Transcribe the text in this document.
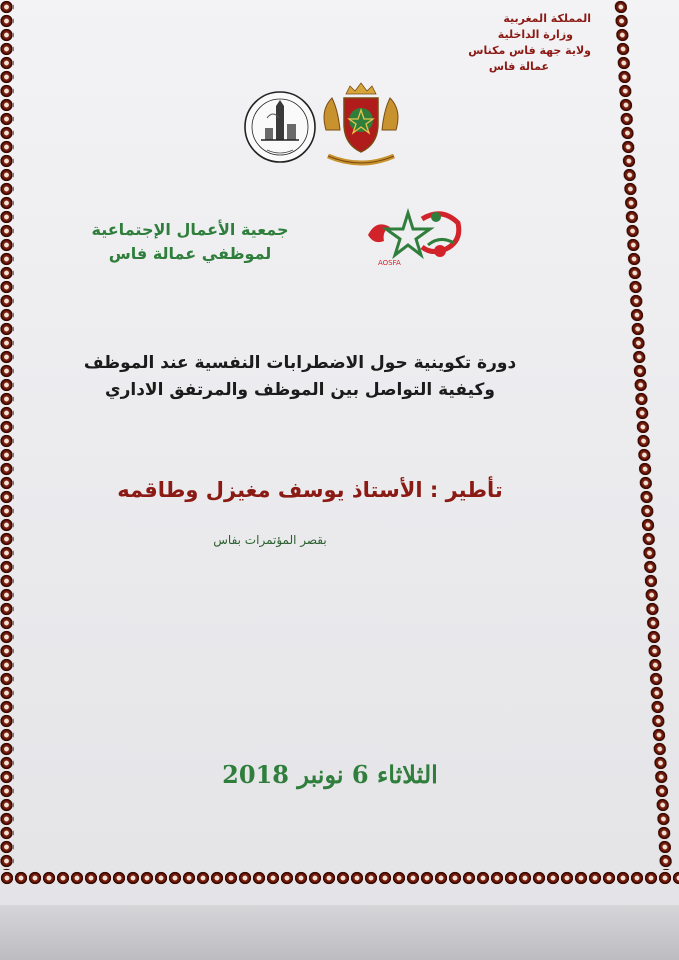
المملكة المغربية
وزارة الداخلية
ولاية جهة فاس مكناس
عمالة فاس
AOSFA
جمعية الأعمال الإجتماعية
لموظفي عمالة فاس
دورة تكوينية حول الاضطرابات النفسية عند الموظف
وكيفية التواصل بين الموظف والمرتفق الاداري
تأطير : الأستاذ يوسف مغيزل وطاقمه
بقصر المؤتمرات بفاس
الثلاثاء 6 نونبر 2018
